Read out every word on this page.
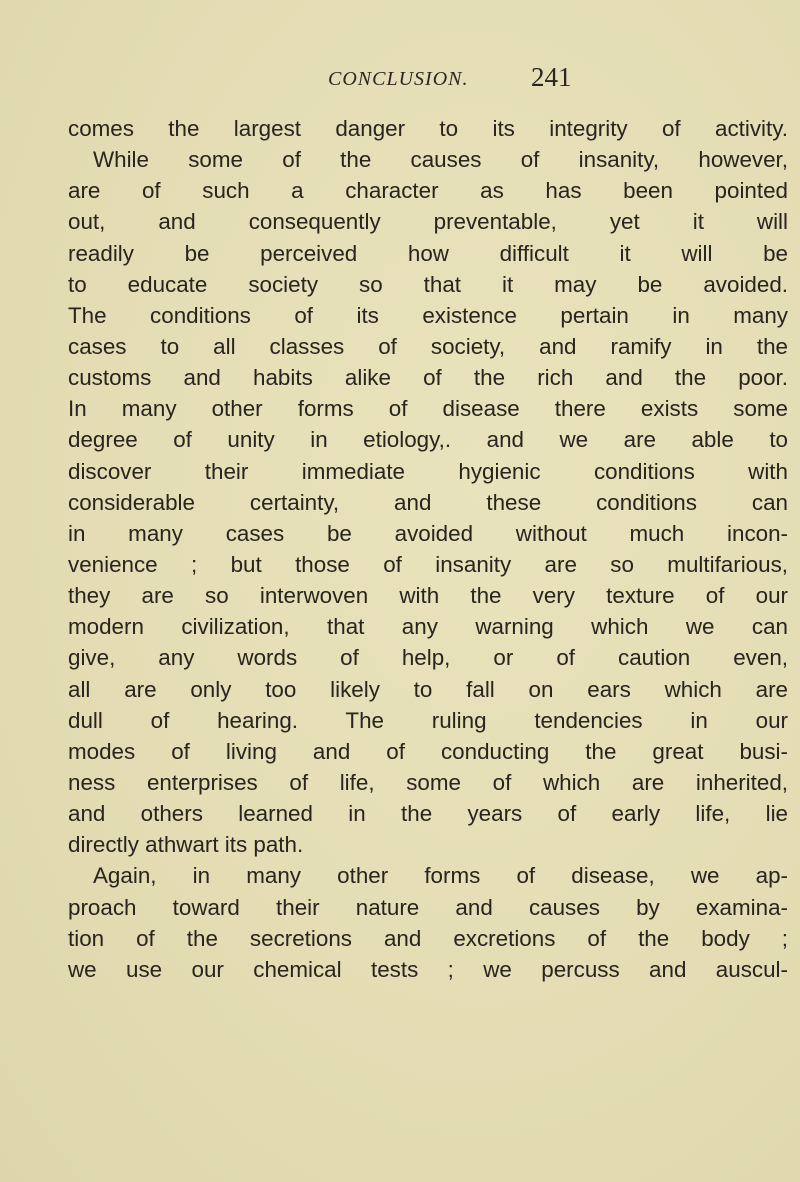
CONCLUSION. 241
comes the largest danger to its integrity of activity.
While some of the causes of insanity, however,
are of such a character as has been pointed
out, and consequently preventable, yet it will
readily be perceived how difficult it will be
to educate society so that it may be avoided.
The conditions of its existence pertain in many
cases to all classes of society, and ramify in the
customs and habits alike of the rich and the poor.
In many other forms of disease there exists some
degree of unity in etiology,. and we are able to
discover their immediate hygienic conditions with
considerable certainty, and these conditions can
in many cases be avoided without much incon-
venience ; but those of insanity are so multifarious,
they are so interwoven with the very texture of our
modern civilization, that any warning which we can
give, any words of help, or of caution even,
all are only too likely to fall on ears which are
dull of hearing. The ruling tendencies in our
modes of living and of conducting the great busi-
ness enterprises of life, some of which are inherited,
and others learned in the years of early life, lie
directly athwart its path.
Again, in many other forms of disease, we ap-
proach toward their nature and causes by examina-
tion of the secretions and excretions of the body ;
we use our chemical tests ; we percuss and auscul-
